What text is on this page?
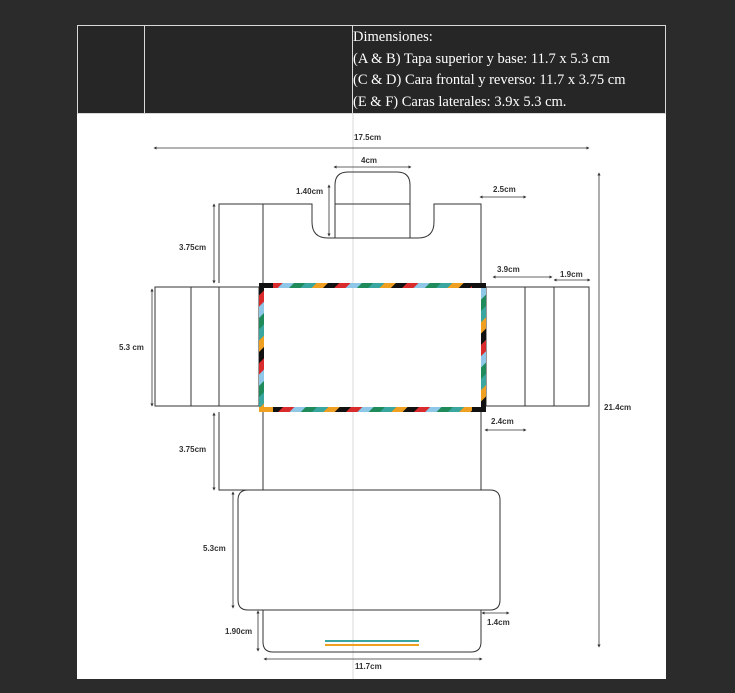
Dimensiones:
(A & B) Tapa superior y base: 11.7 x 5.3 cm
(C & D) Cara frontal y reverso: 11.7 x 3.75 cm
(E & F) Caras laterales: 3.9x 5.3 cm.
17.5cm
4cm
1.40cm	2.5cm
3.75cm
3.9cm
1.9cm
5.3 cm
21.4cm
2.4cm
3.75cm
5.3cm
1.4cm
1.90cm
11.7cm
